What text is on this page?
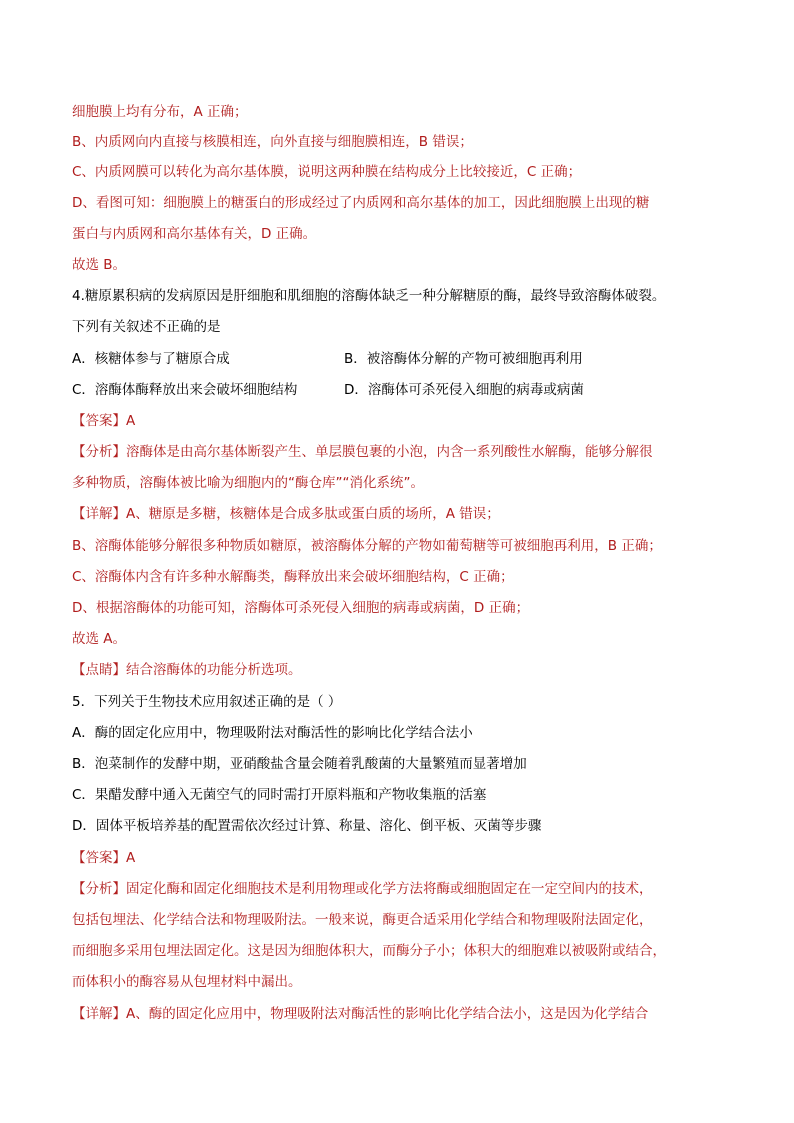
细胞膜上均有分布，A 正确；
B、内质网向内直接与核膜相连，向外直接与细胞膜相连，B 错误；
C、内质网膜可以转化为高尔基体膜，说明这两种膜在结构成分上比较接近，C 正确；
D、看图可知：细胞膜上的糖蛋白的形成经过了内质网和高尔基体的加工，因此细胞膜上出现的糖
蛋白与内质网和高尔基体有关，D 正确。
故选 B。
4.糖原累积病的发病原因是肝细胞和肌细胞的溶酶体缺乏一种分解糖原的酶，最终导致溶酶体破裂。
下列有关叙述不正确的是
A．核糖体参与了糖原合成	B．被溶酶体分解的产物可被细胞再利用
C．溶酶体酶释放出来会破坏细胞结构	D．溶酶体可杀死侵入细胞的病毒或病菌
【答案】A
【分析】溶酶体是由高尔基体断裂产生、单层膜包裹的小泡，内含一系列酸性水解酶，能够分解很
多种物质，溶酶体被比喻为细胞内的“酶仓库”“消化系统”。
【详解】A、糖原是多糖，核糖体是合成多肽或蛋白质的场所，A 错误；
B、溶酶体能够分解很多种物质如糖原，被溶酶体分解的产物如葡萄糖等可被细胞再利用，B 正确；
C、溶酶体内含有许多种水解酶类，酶释放出来会破坏细胞结构，C 正确；
D、根据溶酶体的功能可知，溶酶体可杀死侵入细胞的病毒或病菌，D 正确；
故选 A。
【点睛】结合溶酶体的功能分析选项。
5．下列关于生物技术应用叙述正确的是（ ）
A．酶的固定化应用中，物理吸附法对酶活性的影响比化学结合法小
B．泡菜制作的发酵中期，亚硝酸盐含量会随着乳酸菌的大量繁殖而显著增加
C．果醋发酵中通入无菌空气的同时需打开原料瓶和产物收集瓶的活塞
D．固体平板培养基的配置需依次经过计算、称量、溶化、倒平板、灭菌等步骤
【答案】A
【分析】固定化酶和固定化细胞技术是利用物理或化学方法将酶或细胞固定在一定空间内的技术，
包括包埋法、化学结合法和物理吸附法。一般来说，酶更合适采用化学结合和物理吸附法固定化，
而细胞多采用包埋法固定化。这是因为细胞体积大，而酶分子小；体积大的细胞难以被吸附或结合，
而体积小的酶容易从包埋材料中漏出。
【详解】A、酶的固定化应用中，物理吸附法对酶活性的影响比化学结合法小，这是因为化学结合
